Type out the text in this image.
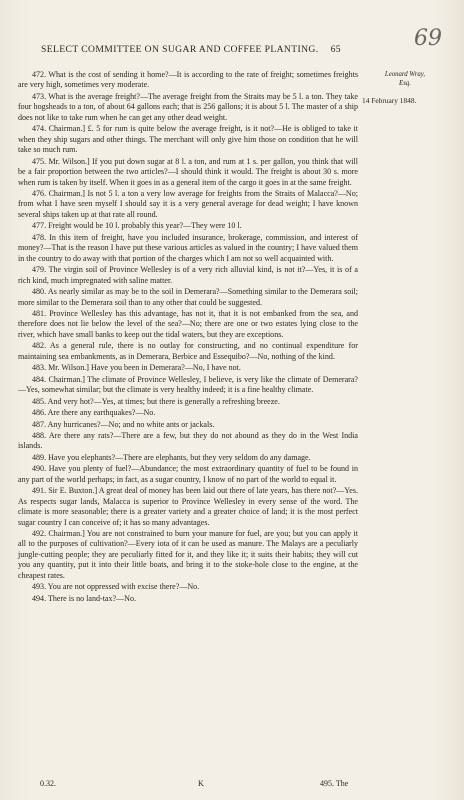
69
SELECT COMMITTEE ON SUGAR AND COFFEE PLANTING. 65
Leonard Wray,
Esq.
14 February 1848.

472. What is the cost of sending it home?—It is according to the rate of freight; sometimes freights are very high, sometimes very moderate.

473. What is the average freight?—The average freight from the Straits may be 5 l. a ton. They take four hogsheads to a ton, of about 64 gallons each; that is 256 gallons; it is about 5 l. The master of a ship does not like to take rum when he can get any other dead weight.

474. Chairman.] £. 5 for rum is quite below the average freight, is it not?—He is obliged to take it when they ship sugars and other things. The merchant will only give him those on condition that he will take so much rum.

475. Mr. Wilson.] If you put down sugar at 8 l. a ton, and rum at 1 s. per gallon, you think that will be a fair proportion between the two articles?—I should think it would. The freight is about 30 s. more when rum is taken by itself. When it goes in as a general item of the cargo it goes in at the same freight.

476. Chairman.] Is not 5 l. a ton a very low average for freights from the Straits of Malacca?—No; from what I have seen myself I should say it is a very general average for dead weight; I have known several ships taken up at that rate all round.

477. Freight would be 10 l. probably this year?—They were 10 l.

478. In this item of freight, have you included insurance, brokerage, commission, and interest of money?—That is the reason I have put these various articles as valued in the country; I have valued them in the country to do away with that portion of the charges which I am not so well acquainted with.

479. The virgin soil of Province Wellesley is of a very rich alluvial kind, is not it?—Yes, it is of a rich kind, much impregnated with saline matter.

480. As nearly similar as may be to the soil in Demerara?—Something similar to the Demerara soil; more similar to the Demerara soil than to any other that could be suggested.

481. Province Wellesley has this advantage, has not it, that it is not embanked from the sea, and therefore does not lie below the level of the sea?—No; there are one or two estates lying close to the river, which have small banks to keep out the tidal waters, but they are exceptions.

482. As a general rule, there is no outlay for constructing, and no continual expenditure for maintaining sea embankments, as in Demerara, Berbice and Essequibo?—No, nothing of the kind.

483. Mr. Wilson.] Have you been in Demerara?—No, I have not.

484. Chairman.] The climate of Province Wellesley, I believe, is very like the climate of Demerara?—Yes, somewhat similar; but the climate is very healthy indeed; it is a fine healthy climate.

485. And very hot?—Yes, at times; but there is generally a refreshing breeze.

486. Are there any earthquakes?—No.

487. Any hurricanes?—No; and no white ants or jackals.

488. Are there any rats?—There are a few, but they do not abound as they do in the West India islands.

489. Have you elephants?—There are elephants, but they very seldom do any damage.

490. Have you plenty of fuel?—Abundance; the most extraordinary quantity of fuel to be found in any part of the world perhaps; in fact, as a sugar country, I know of no part of the world to equal it.

491. Sir E. Buxton.] A great deal of money has been laid out there of late years, has there not?—Yes. As respects sugar lands, Malacca is superior to Province Wellesley in every sense of the word. The climate is more seasonable; there is a greater variety and a greater choice of land; it is the most perfect sugar country I can conceive of; it has so many advantages.

492. Chairman.] You are not constrained to burn your manure for fuel, are you; but you can apply it all to the purposes of cultivation?—Every iota of it can be used as manure. The Malays are a peculiarly jungle-cutting people; they are peculiarly fitted for it, and they like it; it suits their habits; they will cut you any quantity, put it into their little boats, and bring it to the stoke-hole close to the engine, at the cheapest rates.

493. You are not oppressed with excise there?—No.

494. There is no land-tax?—No.

0.32.	K	495. The
